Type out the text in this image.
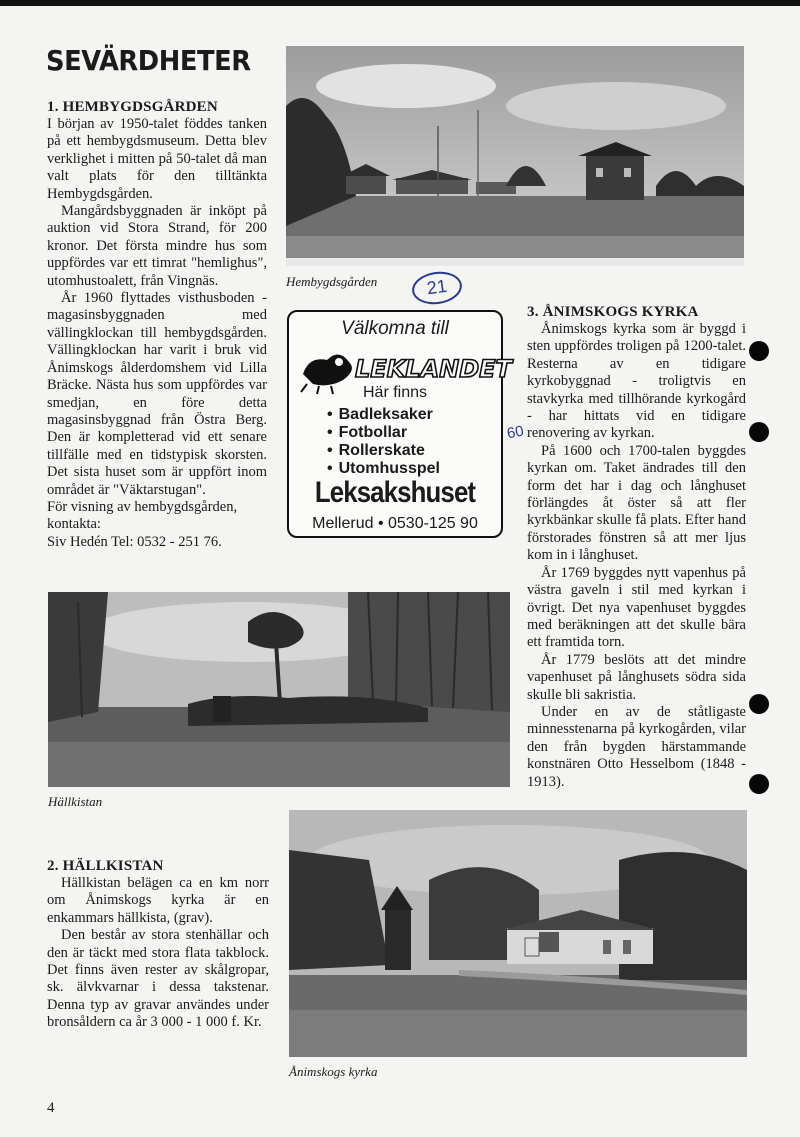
SEVÄRDHETER
1. HEMBYGDSGÅRDEN

I början av 1950-talet föddes tanken på ett hembygdsmuseum. Detta blev verklighet i mitten på 50-talet då man valt plats för den tilltänkta Hembygdsgården.

Mangårdsbyggnaden är inköpt på auktion vid Stora Strand, för 200 kronor. Det första mindre hus som uppfördes var ett timrat "hemlighus", utomhustoalett, från Vingnäs.

År 1960 flyttades visthusboden - magasinsbyggnaden med vällingklockan till hembygdsgården. Vällingklockan har varit i bruk vid Ånimskogs ålderdomshem vid Lilla Bräcke. Nästa hus som uppfördes var smedjan, en före detta magasinsbyggnad från Östra Berg. Den är kompletterad vid ett senare tillfälle med en tidstypisk skorsten. Det sista huset som är uppfört inom området är "Väktarstugan".

För visning av hembygdsgården, kontakta:

Siv Hedén Tel: 0532 - 251 76.

Hembygdsgården	21
60
Välkomna till
LEKLANDET
Här finns
• Badleksaker
• Fotbollar
• Rollerskate
• Utomhusspel
Leksakshuset
Mellerud • 0530-125 90
3. ÅNIMSKOGS KYRKA

Ånimskogs kyrka som är byggd i sten uppfördes troligen på 1200-talet. Resterna av en tidigare kyrkobyggnad - troligtvis en stavkyrka med tillhörande kyrkogård - har hittats vid en tidigare renovering av kyrkan.

På 1600 och 1700-talen byggdes kyrkan om. Taket ändrades till den form det har i dag och långhuset förlängdes åt öster så att fler kyrkbänkar skulle få plats. Efter hand förstorades fönstren så att mer ljus kom in i långhuset.

År 1769 byggdes nytt vapenhus på västra gaveln i stil med kyrkan i övrigt. Det nya vapenhuset byggdes med beräkningen att det skulle bära ett framtida torn.

År 1779 beslöts att det mindre vapenhuset på långhusets södra sida skulle bli sakristia.

Under en av de ståtligaste minnesstenarna på kyrkogården, vilar den från bygden härstammande konstnären Otto Hesselbom (1848 - 1913).

Hällkistan
2. HÄLLKISTAN

Hällkistan belägen ca en km norr om Ånimskogs kyrka är en enkammars hällkista, (grav).

Den består av stora stenhällar och den är täckt med stora flata takblock. Det finns även rester av skålgropar, sk. älvkvarnar i dessa takstenar. Denna typ av gravar användes under bronsåldern ca år 3 000 - 1 000 f. Kr.

Ånimskogs kyrka
4
